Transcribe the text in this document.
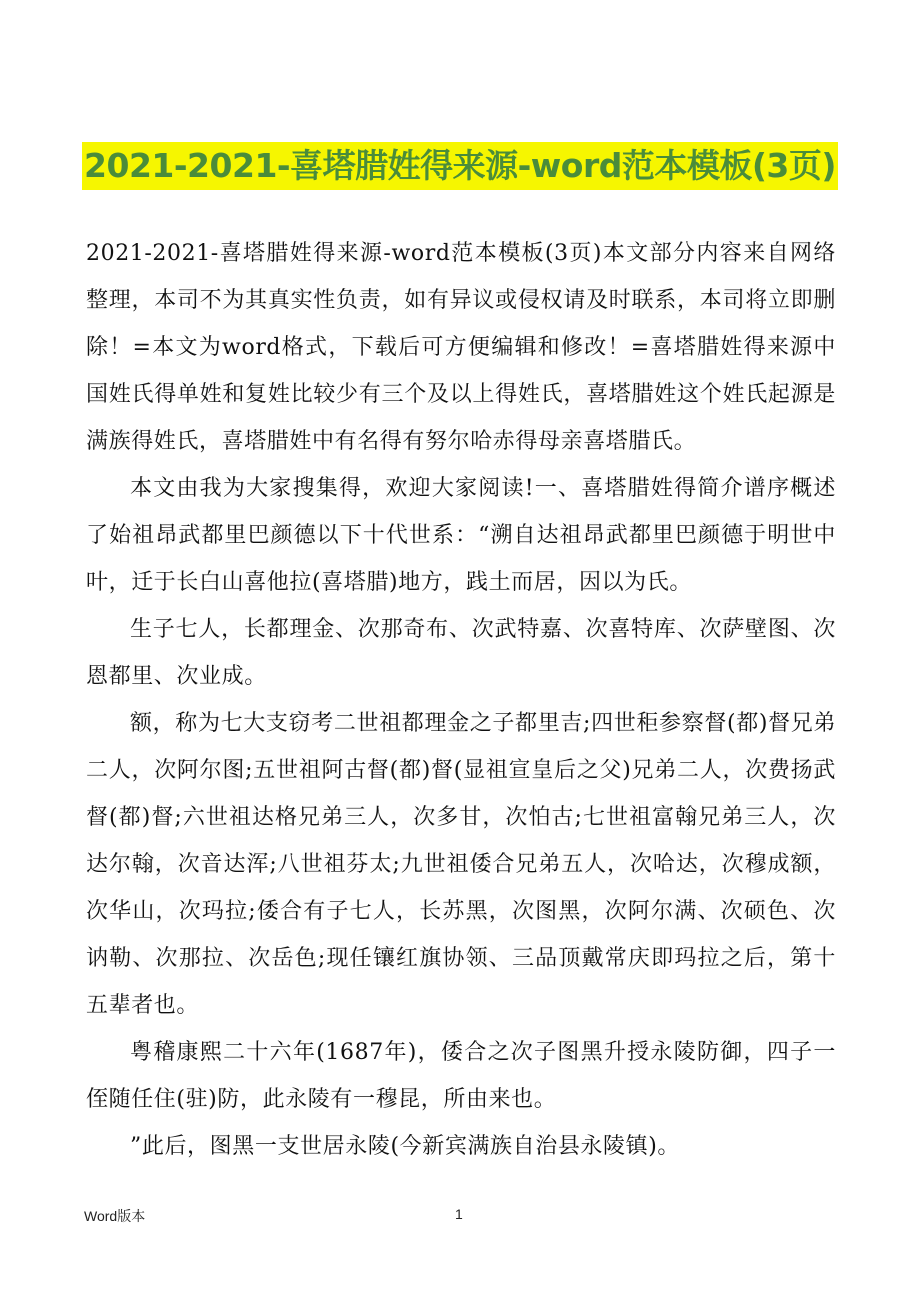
2021-2021-喜塔腊姓得来源-word范本模板(3页)

2021-2021-喜塔腊姓得来源-word范本模板(3页)本文部分内容来自网络整理，本司不为其真实性负责，如有异议或侵权请及时联系，本司将立即删除！=本文为word格式，下载后可方便编辑和修改！=喜塔腊姓得来源中国姓氏得单姓和复姓比较少有三个及以上得姓氏，喜塔腊姓这个姓氏起源是满族得姓氏，喜塔腊姓中有名得有努尔哈赤得母亲喜塔腊氏。

本文由我为大家搜集得，欢迎大家阅读!一、喜塔腊姓得简介谱序概述了始祖昂武都里巴颜德以下十代世系：“溯自达祖昂武都里巴颜德于明世中叶，迁于长白山喜他拉(喜塔腊)地方，践土而居，因以为氏。

生子七人，长都理金、次那奇布、次武特嘉、次喜特库、次萨壁图、次恩都里、次业成。

额，称为七大支窃考二世祖都理金之子都里吉;四世秬参察督(都)督兄弟二人，次阿尔图;五世祖阿古督(都)督(显祖宣皇后之父)兄弟二人，次费扬武督(都)督;六世祖达格兄弟三人，次多甘，次怕古;七世祖富翰兄弟三人，次达尔翰，次音达浑;八世祖芬太;九世祖倭合兄弟五人，次哈达，次穆成额，次华山，次玛拉;倭合有子七人，长苏黑，次图黑，次阿尔满、次硕色、次讷勒、次那拉、次岳色;现任镶红旗协领、三品顶戴常庆即玛拉之后，第十五辈者也。

粤稽康熙二十六年(1687年)，倭合之次子图黑升授永陵防御，四子一侄随任住(驻)防，此永陵有一穆昆，所由来也。

”此后，图黑一支世居永陵(今新宾满族自治县永陵镇)。

Word版本	1
